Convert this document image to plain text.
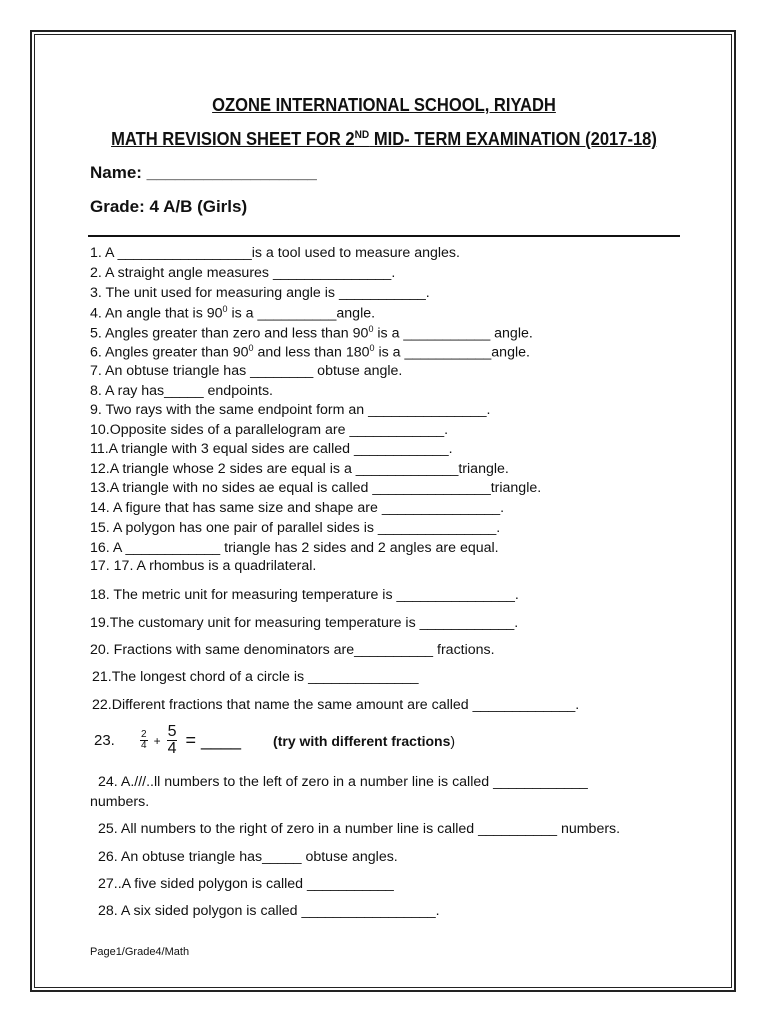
OZONE INTERNATIONAL SCHOOL, RIYADH
MATH REVISION SHEET FOR 2ND MID- TERM EXAMINATION (2017-18)
Name: __________________
Grade: 4 A/B (Girls)
1. A _________________is a tool used to measure angles.
2. A straight angle measures _______________.
3. The unit used for measuring angle is ___________.
4. An angle that is $90^0$ is a __________angle.
5. Angles greater than zero and less than $90^0$ is a ___________ angle.
6. Angles greater than $90^0$ and less than $180^0$ is a ___________angle.
7. An obtuse triangle has ________ obtuse angle.
8. A ray has_____ endpoints.
9. Two rays with the same endpoint form an _______________.
10.Opposite sides of a parallelogram are ____________.
11.A triangle with 3 equal sides are called ____________.
12.A triangle whose 2 sides are equal is a _____________triangle.
13.A triangle with no sides ae equal is called _______________triangle.
14. A figure that has same size and shape are _______________.
15. A polygon has one pair of parallel sides is _______________.
16. A ____________ triangle has 2 sides and 2 angles are equal.
17. 17. A rhombus is a quadrilateral.
18. The metric unit for measuring temperature is _______________.
19.The customary unit for measuring temperature is ____________.
20. Fractions with same denominators are__________ fractions.
21.The longest chord of a circle is ______________
22.Different fractions that name the same amount are called _____________.
23.	$\frac{2}{4} + \frac{5}{4}$ = ____ (try with different fractions)
24. A.///..ll numbers to the left of zero in a number line is called ____________
numbers.
25. All numbers to the right of zero in a number line is called __________ numbers.
26. An obtuse triangle has_____ obtuse angles.
27..A five sided polygon is called ___________
28. A six sided polygon is called _________________.
Page1/Grade4/Math
